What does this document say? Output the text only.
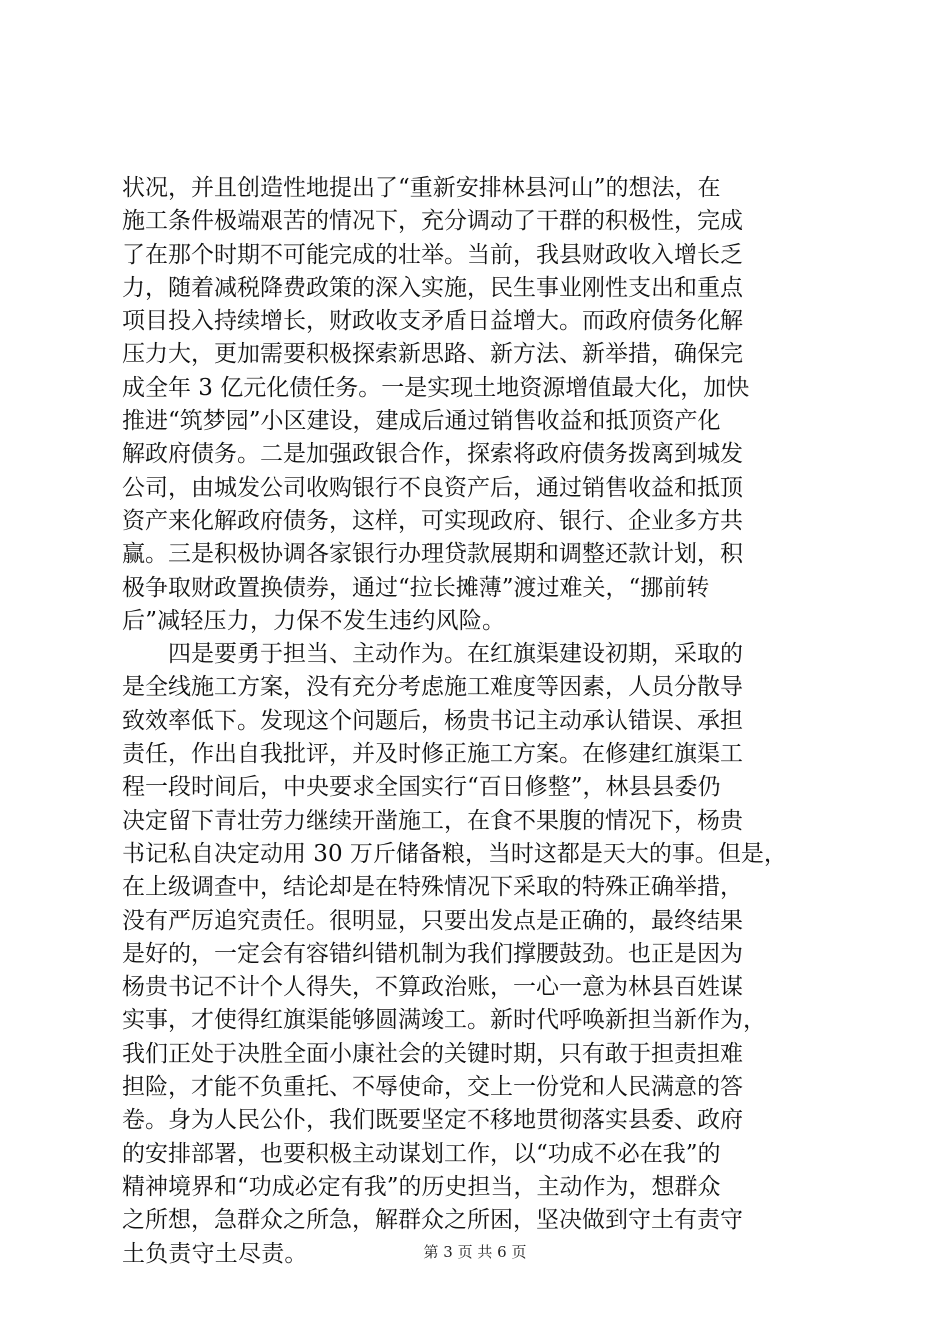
状况，并且创造性地提出了“重新安排林县河山”的想法，在
施工条件极端艰苦的情况下，充分调动了干群的积极性，完成
了在那个时期不可能完成的壮举。当前，我县财政收入增长乏
力，随着减税降费政策的深入实施，民生事业刚性支出和重点
项目投入持续增长，财政收支矛盾日益增大。而政府债务化解
压力大，更加需要积极探索新思路、新方法、新举措，确保完
成全年 3 亿元化债任务。一是实现土地资源增值最大化，加快
推进“筑梦园”小区建设，建成后通过销售收益和抵顶资产化
解政府债务。二是加强政银合作，探索将政府债务拨离到城发
公司，由城发公司收购银行不良资产后，通过销售收益和抵顶
资产来化解政府债务，这样，可实现政府、银行、企业多方共
赢。三是积极协调各家银行办理贷款展期和调整还款计划，积
极争取财政置换债券，通过“拉长摊薄”渡过难关，“挪前转
后”减轻压力，力保不发生违约风险。
　　四是要勇于担当、主动作为。在红旗渠建设初期，采取的
是全线施工方案，没有充分考虑施工难度等因素，人员分散导
致效率低下。发现这个问题后，杨贵书记主动承认错误、承担
责任，作出自我批评，并及时修正施工方案。在修建红旗渠工
程一段时间后，中央要求全国实行“百日修整”，林县县委仍
决定留下青壮劳力继续开凿施工，在食不果腹的情况下，杨贵
书记私自决定动用 30 万斤储备粮，当时这都是天大的事。但是，
在上级调查中，结论却是在特殊情况下采取的特殊正确举措，
没有严厉追究责任。很明显，只要出发点是正确的，最终结果
是好的，一定会有容错纠错机制为我们撑腰鼓劲。也正是因为
杨贵书记不计个人得失，不算政治账，一心一意为林县百姓谋
实事，才使得红旗渠能够圆满竣工。新时代呼唤新担当新作为，
我们正处于决胜全面小康社会的关键时期，只有敢于担责担难
担险，才能不负重托、不辱使命，交上一份党和人民满意的答
卷。身为人民公仆，我们既要坚定不移地贯彻落实县委、政府
的安排部署，也要积极主动谋划工作，以“功成不必在我”的
精神境界和“功成必定有我”的历史担当，主动作为，想群众
之所想，急群众之所急，解群众之所困，坚决做到守土有责守
土负责守土尽责。	第 3 页 共 6 页
